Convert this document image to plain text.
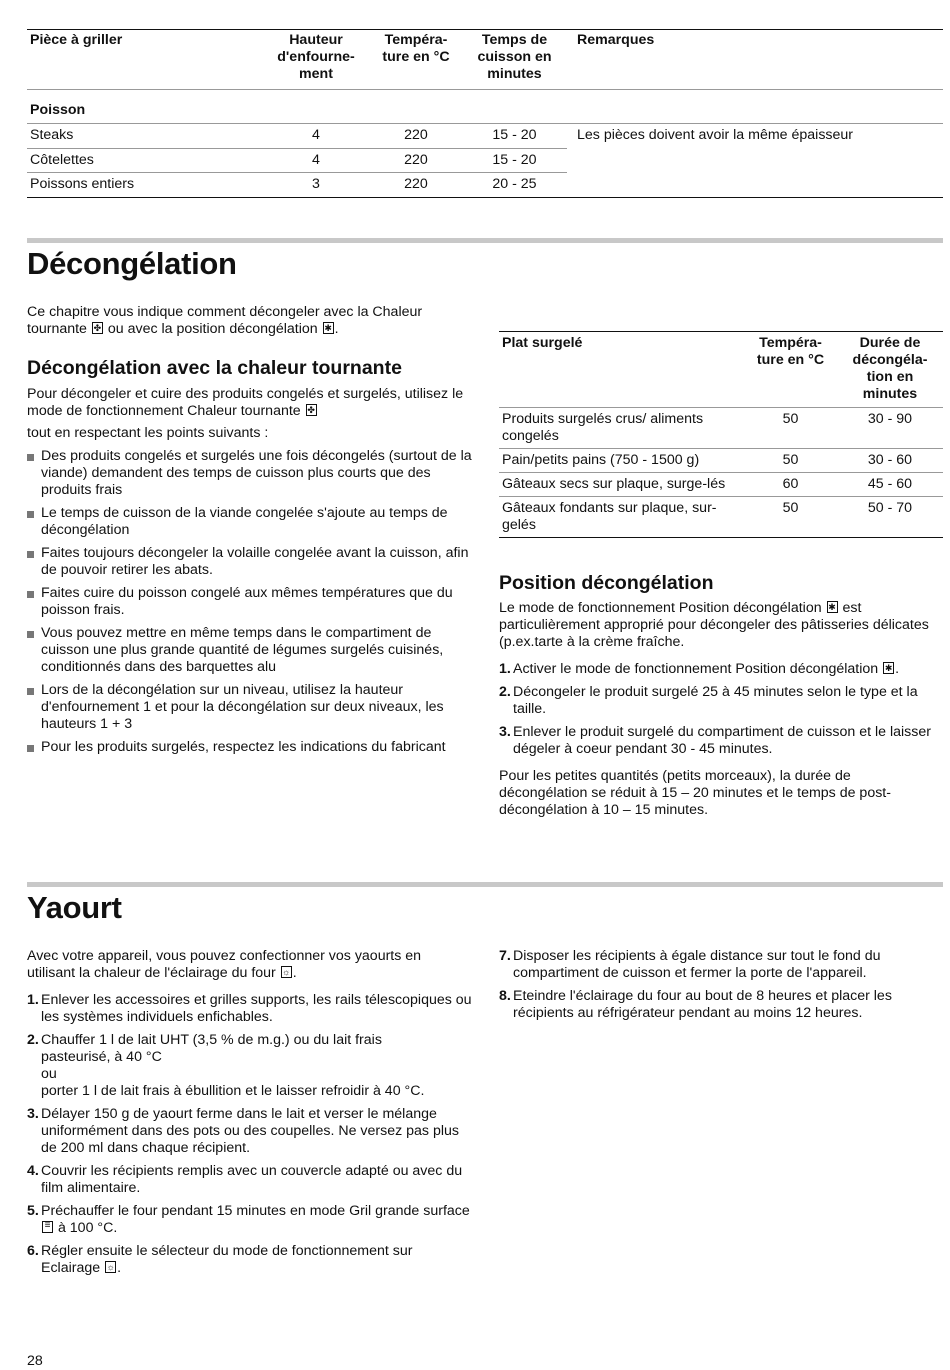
Pièce à griller	Hauteur d'enfourne-ment	Tempéra-ture en °C	Temps de cuisson en minutes	Remarques
Poisson				
Steaks	4	220	15 - 20	Les pièces doivent avoir la même épaisseur
Côtelettes	4	220	15 - 20	
Poissons entiers	3	220	20 - 25	
Décongélation

Ce chapitre vous indique comment décongeler avec la Chaleur tournante ✤ ou avec la position décongélation ✱ .

Décongélation avec la chaleur tournante

Pour décongeler et cuire des produits congelés et surgelés, utilisez le mode de fonctionnement Chaleur tournante ✤

tout en respectant les points suivants :

Des produits congelés et surgelés une fois décongelés (surtout de la viande) demandent des temps de cuisson plus courts que des produits frais
Le temps de cuisson de la viande congelée s'ajoute au temps de décongélation
Faites toujours décongeler la volaille congelée avant la cuisson, afin de pouvoir retirer les abats.
Faites cuire du poisson congelé aux mêmes températures que du poisson frais.
Vous pouvez mettre en même temps dans le compartiment de cuisson une plus grande quantité de légumes surgelés cuisinés, conditionnés dans des barquettes alu
Lors de la décongélation sur un niveau, utilisez la hauteur d'enfournement 1 et pour la décongélation sur deux niveaux, les hauteurs 1 + 3
Pour les produits surgelés, respectez les indications du fabricant
Plat surgelé	Tempéra-ture en °C	Durée de décongéla-tion en minutes
Produits surgelés crus/ aliments congelés	50	30 - 90
Pain/petits pains (750 - 1500 g)	50	30 - 60
Gâteaux secs sur plaque, surge-lés	60	45 - 60
Gâteaux fondants sur plaque, sur-gelés	50	50 - 70
Position décongélation

Le mode de fonctionnement Position décongélation ✱ est particulièrement approprié pour décongeler des pâtisseries délicates (p.ex.tarte à la crème fraîche.

1. Activer le mode de fonctionnement Position décongélation ✱ .
2. Décongeler le produit surgelé 25 à 45 minutes selon le type et la taille.
3. Enlever le produit surgelé du compartiment de cuisson et le laisser dégeler à coeur pendant 30 - 45 minutes.

Pour les petites quantités (petits morceaux), la durée de décongélation se réduit à 15 – 20 minutes et le temps de post-décongélation à 10 – 15 minutes.

Yaourt

Avec votre appareil, vous pouvez confectionner vos yaourts en utilisant la chaleur de l'éclairage du four ☼ .

1. Enlever les accessoires et grilles supports, les rails télescopiques ou les systèmes individuels enfichables.
2. Chauffer 1 l de lait UHT (3,5 % de m.g.) ou du lait frais pasteurisé, à 40 °C
ou
porter 1 l de lait frais à ébullition et le laisser refroidir à 40 °C.
3. Délayer 150 g de yaourt ferme dans le lait et verser le mélange uniformément dans des pots ou des coupelles. Ne versez pas plus de 200 ml dans chaque récipient.
4. Couvrir les récipients remplis avec un couvercle adapté ou avec du film alimentaire.
5. Préchauffer le four pendant 15 minutes en mode Gril grande surface ≡ à 100 °C.
6. Régler ensuite le sélecteur du mode de fonctionnement sur Eclairage ☼ .
7. Disposer les récipients à égale distance sur tout le fond du compartiment de cuisson et fermer la porte de l'appareil.
8. Eteindre l'éclairage du four au bout de 8 heures et placer les récipients au réfrigérateur pendant au moins 12 heures.
28
